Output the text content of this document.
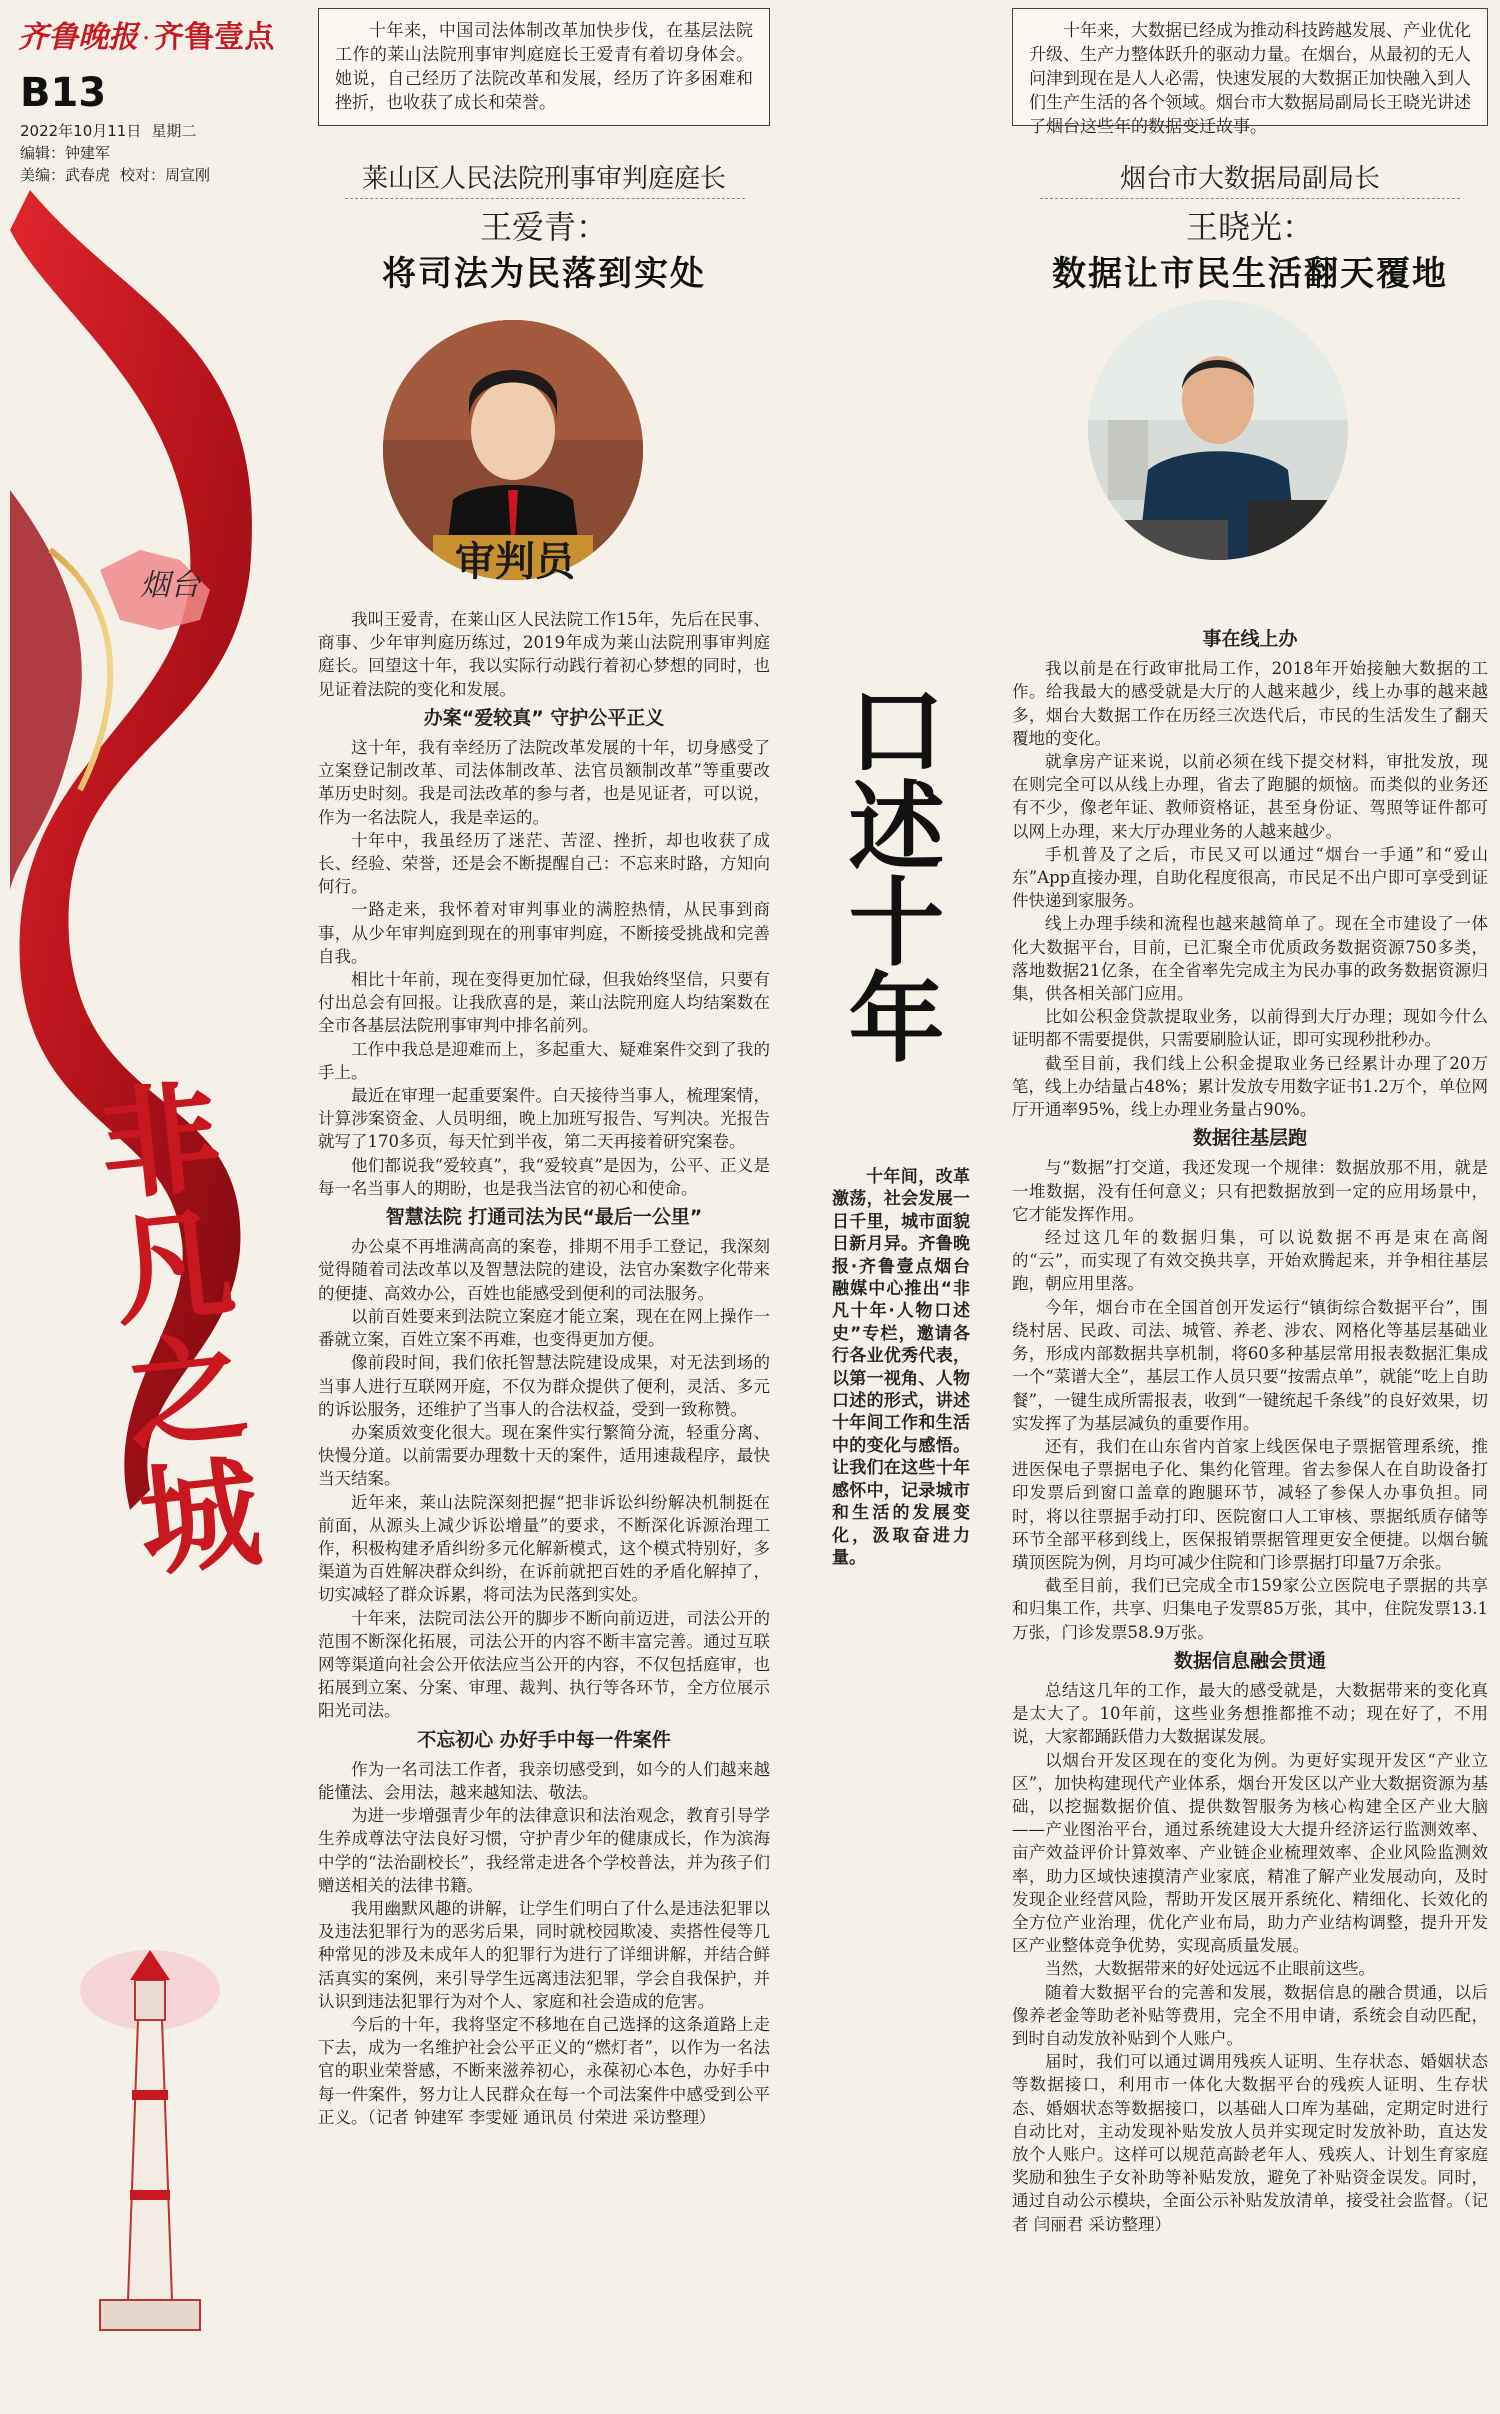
齐鲁晚报 · 齐鲁壹点
B13
2022年10月11日 星期二
编辑：钟建军
美编：武春虎 校对：周宣刚
烟台
非凡之城
十年来，中国司法体制改革加快步伐，在基层法院工作的莱山法院刑事审判庭庭长王爱青有着切身体会。她说，自己经历了法院改革和发展，经历了许多困难和挫折，也收获了成长和荣誉。
十年来，大数据已经成为推动科技跨越发展、产业优化升级、生产力整体跃升的驱动力量。在烟台，从最初的无人问津到现在是人人必需，快速发展的大数据正加快融入到人们生产生活的各个领域。烟台市大数据局副局长王晓光讲述了烟台这些年的数据变迁故事。
莱山区人民法院刑事审判庭庭长
王爱青：
将司法为民落到实处
审判员

我叫王爱青，在莱山区人民法院工作15年，先后在民事、商事、少年审判庭历练过，2019年成为莱山法院刑事审判庭庭长。回望这十年，我以实际行动践行着初心梦想的同时，也见证着法院的变化和发展。

办案“爱较真” 守护公平正义

这十年，我有幸经历了法院改革发展的十年，切身感受了立案登记制改革、司法体制改革、法官员额制改革”等重要改革历史时刻。我是司法改革的参与者，也是见证者，可以说，作为一名法院人，我是幸运的。

十年中，我虽经历了迷茫、苦涩、挫折，却也收获了成长、经验、荣誉，还是会不断提醒自己：不忘来时路，方知向何行。

一路走来，我怀着对审判事业的满腔热情，从民事到商事，从少年审判庭到现在的刑事审判庭，不断接受挑战和完善自我。

相比十年前，现在变得更加忙碌，但我始终坚信，只要有付出总会有回报。让我欣喜的是，莱山法院刑庭人均结案数在全市各基层法院刑事审判中排名前列。

工作中我总是迎难而上，多起重大、疑难案件交到了我的手上。

最近在审理一起重要案件。白天接待当事人，梳理案情，计算涉案资金、人员明细，晚上加班写报告、写判决。光报告就写了170多页，每天忙到半夜，第二天再接着研究案卷。

他们都说我“爱较真”，我“爱较真”是因为，公平、正义是每一名当事人的期盼，也是我当法官的初心和使命。

智慧法院 打通司法为民“最后一公里”

办公桌不再堆满高高的案卷，排期不用手工登记，我深刻觉得随着司法改革以及智慧法院的建设，法官办案数字化带来的便捷、高效办公，百姓也能感受到便利的司法服务。

以前百姓要来到法院立案庭才能立案，现在在网上操作一番就立案，百姓立案不再难，也变得更加方便。

像前段时间，我们依托智慧法院建设成果，对无法到场的当事人进行互联网开庭，不仅为群众提供了便利，灵活、多元的诉讼服务，还维护了当事人的合法权益，受到一致称赞。

办案质效变化很大。现在案件实行繁简分流，轻重分离、快慢分道。以前需要办理数十天的案件，适用速裁程序，最快当天结案。

近年来，莱山法院深刻把握“把非诉讼纠纷解决机制挺在前面，从源头上减少诉讼增量”的要求，不断深化诉源治理工作，积极构建矛盾纠纷多元化解新模式，这个模式特别好，多渠道为百姓解决群众纠纷，在诉前就把百姓的矛盾化解掉了，切实减轻了群众诉累，将司法为民落到实处。

十年来，法院司法公开的脚步不断向前迈进，司法公开的范围不断深化拓展，司法公开的内容不断丰富完善。通过互联网等渠道向社会公开依法应当公开的内容，不仅包括庭审，也拓展到立案、分案、审理、裁判、执行等各环节，全方位展示阳光司法。

不忘初心 办好手中每一件案件

作为一名司法工作者，我亲切感受到，如今的人们越来越能懂法、会用法，越来越知法、敬法。

为进一步增强青少年的法律意识和法治观念，教育引导学生养成尊法守法良好习惯，守护青少年的健康成长，作为滨海中学的“法治副校长”，我经常走进各个学校普法，并为孩子们赠送相关的法律书籍。

我用幽默风趣的讲解，让学生们明白了什么是违法犯罪以及违法犯罪行为的恶劣后果，同时就校园欺凌、卖搭性侵等几种常见的涉及未成年人的犯罪行为进行了详细讲解，并结合鲜活真实的案例，来引导学生远离违法犯罪，学会自我保护，并认识到违法犯罪行为对个人、家庭和社会造成的危害。

今后的十年，我将坚定不移地在自己选择的这条道路上走下去，成为一名维护社会公平正义的“燃灯者”，以作为一名法官的职业荣誉感，不断来滋养初心，永葆初心本色，办好手中每一件案件，努力让人民群众在每一个司法案件中感受到公平正义。（记者 钟建军 李雯娅 通讯员 付荣进 采访整理）

口述十年
十年间，改革激荡，社会发展一日千里，城市面貌日新月异。齐鲁晚报·齐鲁壹点烟台融媒中心推出“非凡十年·人物口述史”专栏，邀请各行各业优秀代表，以第一视角、人物口述的形式，讲述十年间工作和生活中的变化与感悟。让我们在这些十年感怀中，记录城市和生活的发展变化，汲取奋进力量。
烟台市大数据局副局长
王晓光：
数据让市民生活翻天覆地
事在线上办

我以前是在行政审批局工作，2018年开始接触大数据的工作。给我最大的感受就是大厅的人越来越少，线上办事的越来越多，烟台大数据工作在历经三次迭代后，市民的生活发生了翻天覆地的变化。

就拿房产证来说，以前必须在线下提交材料，审批发放，现在则完全可以从线上办理，省去了跑腿的烦恼。而类似的业务还有不少，像老年证、教师资格证，甚至身份证、驾照等证件都可以网上办理，来大厅办理业务的人越来越少。

手机普及了之后，市民又可以通过“烟台一手通”和“爱山东”App直接办理，自助化程度很高，市民足不出户即可享受到证件快递到家服务。

线上办理手续和流程也越来越简单了。现在全市建设了一体化大数据平台，目前，已汇聚全市优质政务数据资源750多类，落地数据21亿条，在全省率先完成主为民办事的政务数据资源归集，供各相关部门应用。

比如公积金贷款提取业务，以前得到大厅办理；现如今什么证明都不需要提供，只需要刷脸认证，即可实现秒批秒办。

截至目前，我们线上公积金提取业务已经累计办理了20万笔，线上办结量占48%；累计发放专用数字证书1.2万个，单位网厅开通率95%，线上办理业务量占90%。

数据往基层跑

与“数据”打交道，我还发现一个规律：数据放那不用，就是一堆数据，没有任何意义；只有把数据放到一定的应用场景中，它才能发挥作用。

经过这几年的数据归集，可以说数据不再是束在高阁的“云”，而实现了有效交换共享，开始欢腾起来，并争相往基层跑，朝应用里落。

今年，烟台市在全国首创开发运行“镇街综合数据平台”，围绕村居、民政、司法、城管、养老、涉农、网格化等基层基础业务，形成内部数据共享机制，将60多种基层常用报表数据汇集成一个“菜谱大全”，基层工作人员只要“按需点单”，就能“吃上自助餐”，一键生成所需报表，收到“一键统起千条线”的良好效果，切实发挥了为基层减负的重要作用。

还有，我们在山东省内首家上线医保电子票据管理系统，推进医保电子票据电子化、集约化管理。省去参保人在自助设备打印发票后到窗口盖章的跑腿环节，减轻了参保人办事负担。同时，将以往票据手动打印、医院窗口人工审核、票据纸质存储等环节全部平移到线上，医保报销票据管理更安全便捷。以烟台毓璜顶医院为例，月均可减少住院和门诊票据打印量7万余张。

截至目前，我们已完成全市159家公立医院电子票据的共享和归集工作，共享、归集电子发票85万张，其中，住院发票13.1万张，门诊发票58.9万张。

数据信息融会贯通

总结这几年的工作，最大的感受就是，大数据带来的变化真是太大了。10年前，这些业务想推都推不动；现在好了，不用说，大家都踊跃借力大数据谋发展。

以烟台开发区现在的变化为例。为更好实现开发区“产业立区”，加快构建现代产业体系，烟台开发区以产业大数据资源为基础，以挖掘数据价值、提供数智服务为核心构建全区产业大脑——产业图治平台，通过系统建设大大提升经济运行监测效率、亩产效益评价计算效率、产业链企业梳理效率、企业风险监测效率，助力区域快速摸清产业家底，精准了解产业发展动向，及时发现企业经营风险，帮助开发区展开系统化、精细化、长效化的全方位产业治理，优化产业布局，助力产业结构调整，提升开发区产业整体竞争优势，实现高质量发展。

当然，大数据带来的好处远远不止眼前这些。

随着大数据平台的完善和发展，数据信息的融合贯通，以后像养老金等助老补贴等费用，完全不用申请，系统会自动匹配，到时自动发放补贴到个人账户。

届时，我们可以通过调用残疾人证明、生存状态、婚姻状态等数据接口，利用市一体化大数据平台的残疾人证明、生存状态、婚姻状态等数据接口，以基础人口库为基础，定期定时进行自动比对，主动发现补贴发放人员并实现定时发放补助，直达发放个人账户。这样可以规范高龄老年人、残疾人、计划生育家庭奖励和独生子女补助等补贴发放，避免了补贴资金误发。同时，通过自动公示模块，全面公示补贴发放清单，接受社会监督。（记者 闫丽君 采访整理）
